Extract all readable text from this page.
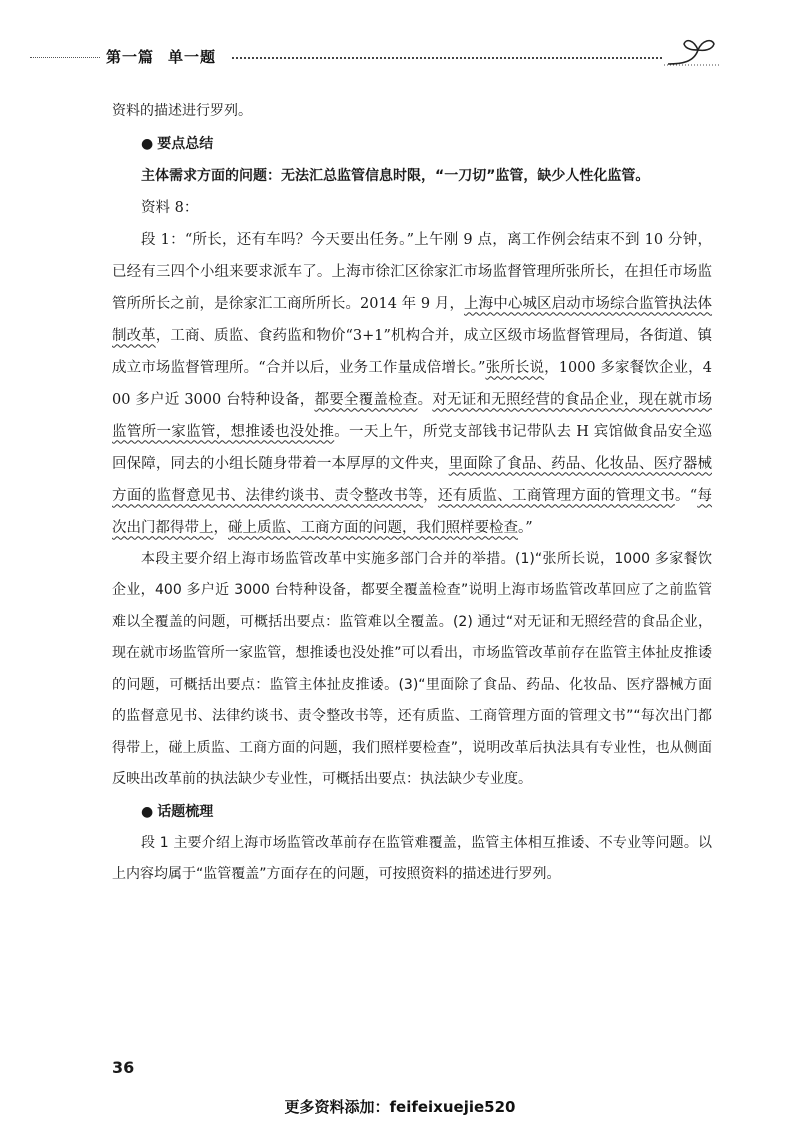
第一篇 单一题

资料的描述进行罗列。

● 要点总结

主体需求方面的问题：无法汇总监管信息时限，“一刀切”监管，缺少人性化监管。

资料 8：

段 1：“所长，还有车吗？今天要出任务。”上午刚 9 点，离工作例会结束不到 10 分钟，已经有三四个小组来要求派车了。上海市徐汇区徐家汇市场监督管理所张所长，在担任市场监管所所长之前，是徐家汇工商所所长。2014 年 9 月，上海中心城区启动市场综合监管执法体制改革，工商、质监、食药监和物价“3+1”机构合并，成立区级市场监督管理局，各街道、镇成立市场监督管理所。“合并以后，业务工作量成倍增长。”张所长说，1000 多家餐饮企业，400 多户近 3000 台特种设备，都要全覆盖检查。对无证和无照经营的食品企业，现在就市场监管所一家监管，想推诿也没处推。一天上午，所党支部钱书记带队去 H 宾馆做食品安全巡回保障，同去的小组长随身带着一本厚厚的文件夹，里面除了食品、药品、化妆品、医疗器械方面的监督意见书、法律约谈书、责令整改书等，还有质监、工商管理方面的管理文书。“每次出门都得带上，碰上质监、工商方面的问题，我们照样要检查。”

本段主要介绍上海市场监管改革中实施多部门合并的举措。(1)“张所长说，1000 多家餐饮企业，400 多户近 3000 台特种设备，都要全覆盖检查”说明上海市场监管改革回应了之前监管难以全覆盖的问题，可概括出要点：监管难以全覆盖。(2) 通过“对无证和无照经营的食品企业，现在就市场监管所一家监管，想推诿也没处推”可以看出，市场监管改革前存在监管主体扯皮推诿的问题，可概括出要点：监管主体扯皮推诿。(3)“里面除了食品、药品、化妆品、医疗器械方面的监督意见书、法律约谈书、责令整改书等，还有质监、工商管理方面的管理文书”“每次出门都得带上，碰上质监、工商方面的问题，我们照样要检查”，说明改革后执法具有专业性，也从侧面反映出改革前的执法缺少专业性，可概括出要点：执法缺少专业度。

● 话题梳理

段 1 主要介绍上海市场监管改革前存在监管难覆盖，监管主体相互推诿、不专业等问题。以上内容均属于“监管覆盖”方面存在的问题，可按照资料的描述进行罗列。

36
更多资料添加：feifeixuejie520
